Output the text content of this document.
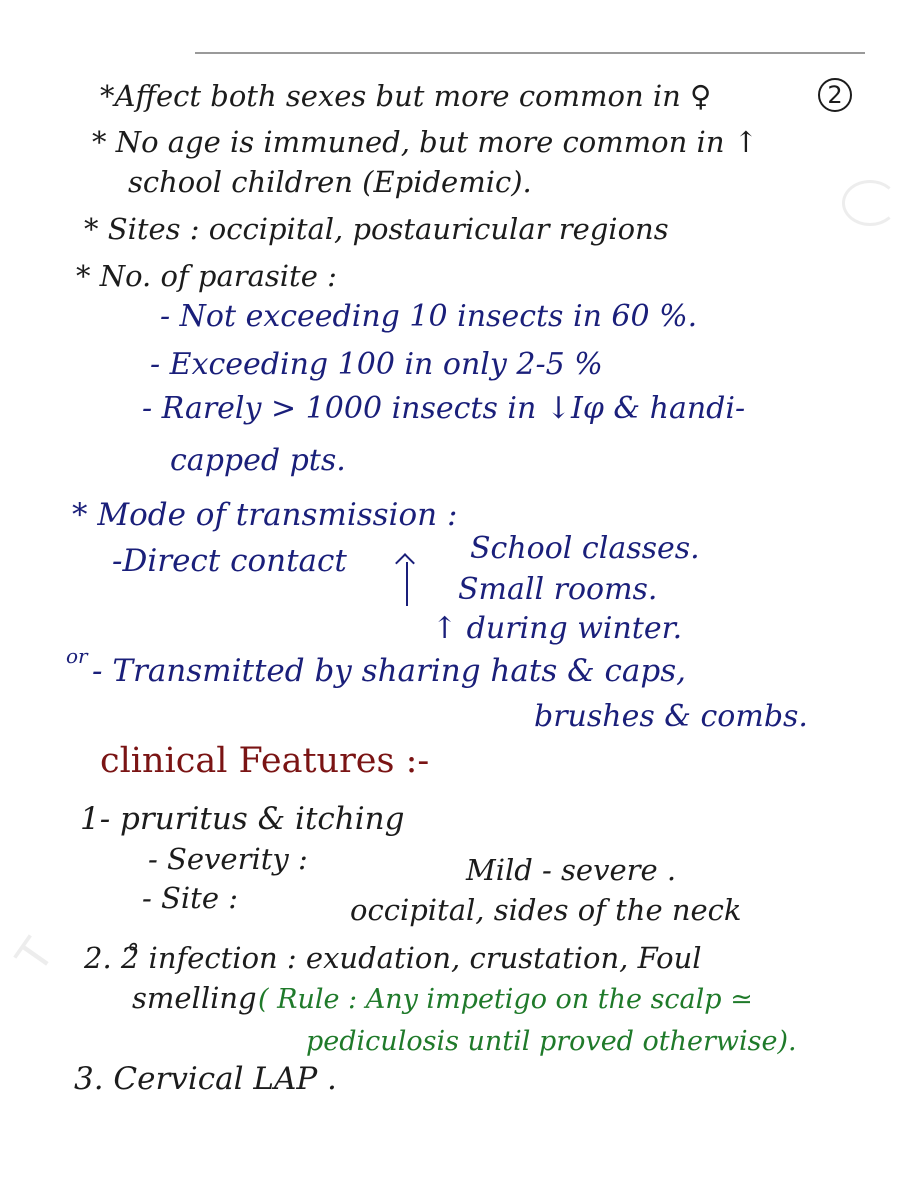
T
2
*Affect both sexes but more common in ♀
* No age is immuned, but more common in ↑
school children (Epidemic).
* Sites : occipital, postauricular regions
* No. of parasite :
- Not exceeding 10 insects in 60 %.
- Exceeding 100 in only 2-5 %
- Rarely > 1000 insects in ↓Iφ & handi-
capped pts.
* Mode of transmission :
-Direct contact	School classes.
Small rooms.
↑ during winter.
or - Transmitted by sharing hats & caps,
brushes & combs.
clinical Features :-
1- pruritus & itching
- Severity :	Mild - severe .
- Site :	occipital, sides of the neck
2. 2̊ infection : exudation, crustation, Foul
smelling ( Rule : Any impetigo on the scalp ≃
pediculosis until proved otherwise).
3. Cervical LAP .
